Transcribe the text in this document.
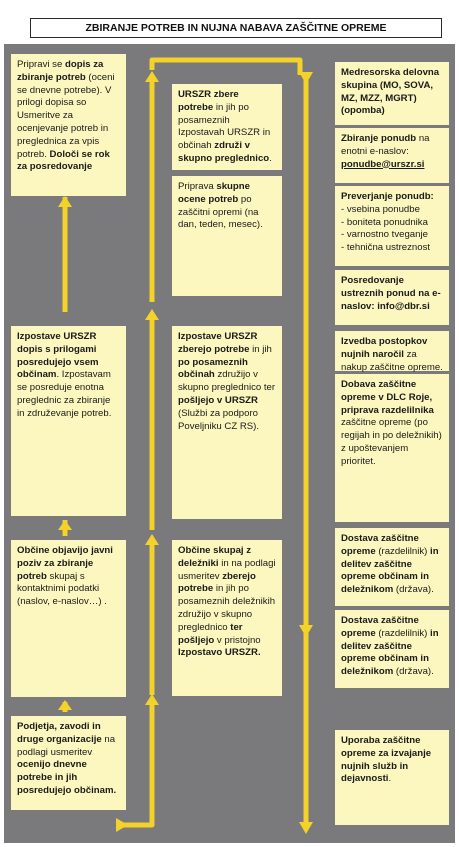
ZBIRANJE POTREB IN NUJNA NABAVA ZAŠČITNE OPREME
Pripravi se dopis za zbiranje potreb (oceni se dnevne potrebe). V prilogi dopisa so Usmeritve za ocenjevanje potreb in preglednica za vpis potreb. Določi se rok za posredovanje
Izpostave URSZR dopis s prilogami posredujejo vsem občinam. Izpostavam se posreduje enotna preglednic za zbiranje in združevanje potreb.
Občine objavijo javni poziv za zbiranje potreb skupaj s kontaktnimi podatki (naslov, e-naslov…) .
Podjetja, zavodi in druge organizacije na podlagi usmeritev ocenijo dnevne potrebe in jih posredujejo občinam.
URSZR zbere potrebe in jih po posameznih Izpostavah URSZR in občinah združi v skupno preglednico.
Priprava skupne ocene potreb po zaščitni opremi (na dan, teden, mesec).
Izpostave URSZR zberejo potrebe in jih po posameznih občinah združijo v skupno preglednico ter pošljejo v URSZR (Službi za podporo Poveljniku CZ RS).
Občine skupaj z deležniki in na podlagi usmeritev zberejo potrebe in jih po posameznih deležnikih združijo v skupno preglednico ter pošljejo v pristojno Izpostavo URSZR.
Medresorska delovna skupina (MO, SOVA, MZ, MZZ, MGRT) (opomba)
Zbiranje ponudb na enotni e-naslov: ponudbe@urszr.si
Preverjanje ponudb:
- vsebina ponudbe
- boniteta ponudnika
- varnostno tveganje
- tehnična ustreznost
Posredovanje ustreznih ponud na e-naslov: info@dbr.si
Izvedba postopkov nujnih naročil za nakup zaščitne opreme.
Dobava zaščitne opreme v DLC Roje, priprava razdelilnika zaščitne opreme (po regijah in po deležnikih) z upoštevanjem prioritet.
Dostava zaščitne opreme (razdelilnik) in delitev zaščitne opreme občinam in deležnikom (država).
Dostava zaščitne opreme (razdelilnik) in delitev zaščitne opreme občinam in deležnikom (država).
Uporaba zaščitne opreme za izvajanje nujnih služb in dejavnosti.
